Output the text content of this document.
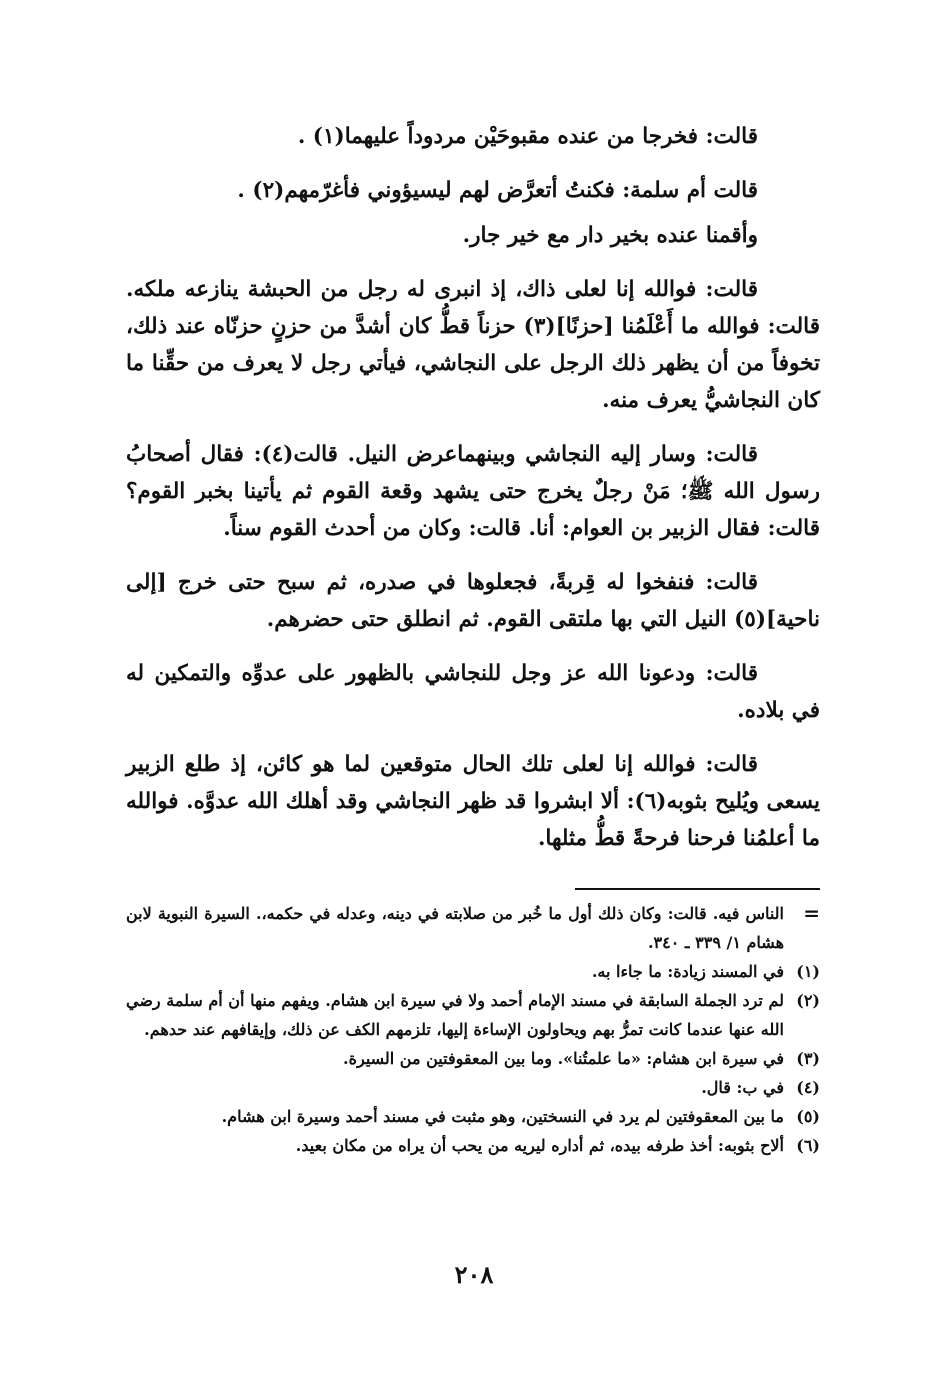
قالت: فخرجا من عنده مقبوحَيْن مردوداً عليهما(١) .

قالت أم سلمة: فكنتُ أتعرَّض لهم ليسيؤوني فأغرّمهم(٢) .

وأقمنا عنده بخير دار مع خير جار.

قالت: فوالله إنا لعلى ذاك، إذ انبرى له رجل من الحبشة ينازعه ملكه. قالت: فوالله ما أَعْلَمُنا [حزنًا](٣) حزناً قطُّ كان أشدَّ من حزنٍ حزنّاه عند ذلك، تخوفاً من أن يظهر ذلك الرجل على النجاشي، فيأتي رجل لا يعرف من حقِّنا ما كان النجاشيُّ يعرف منه.

قالت: وسار إليه النجاشي وبينهماعرض النيل. قالت(٤): فقال أصحابُ رسول الله ﷺ؛ مَنْ رجلٌ يخرج حتى يشهد وقعة القوم ثم يأتينا بخبر القوم؟ قالت: فقال الزبير بن العوام: أنا. قالت: وكان من أحدث القوم سناً.

قالت: فنفخوا له قِربةً، فجعلوها في صدره، ثم سبح حتى خرج [إلى ناحية](٥) النيل التي بها ملتقى القوم. ثم انطلق حتى حضرهم.

قالت: ودعونا الله عز وجل للنجاشي بالظهور على عدوِّه والتمكين له في بلاده.

قالت: فوالله إنا لعلى تلك الحال متوقعين لما هو كائن، إذ طلع الزبير يسعى ويُليح بثوبه(٦): ألا ابشروا قد ظهر النجاشي وقد أهلك الله عدوَّه. فوالله ما أعلمُنا فرحنا فرحةً قطُّ مثلها.

=
الناس فيه. قالت: وكان ذلك أول ما خُبر من صلابته في دينه، وعدله في حكمه،. السيرة النبوية لابن هشام ١/ ٣٣٩ ـ ٣٤٠.
(١)
في المسند زيادة: ما جاءا به.
(٢)
لم ترد الجملة السابقة في مسند الإمام أحمد ولا في سيرة ابن هشام. ويفهم منها أن أم سلمة رضي الله عنها عندما كانت تمرُّ بهم ويحاولون الإساءة إليها، تلزمهم الكف عن ذلك، وإيقافهم عند حدهم.
(٣)
في سيرة ابن هشام: «ما علمتُنا». وما بين المعقوفتين من السيرة.
(٤)
في ب: قال.
(٥)
ما بين المعقوفتين لم يرد في النسختين، وهو مثبت في مسند أحمد وسيرة ابن هشام.
(٦)
ألاح بثوبه: أخذ طرفه بيده، ثم أداره ليريه من يحب أن يراه من مكان بعيد.
٢٠٨
